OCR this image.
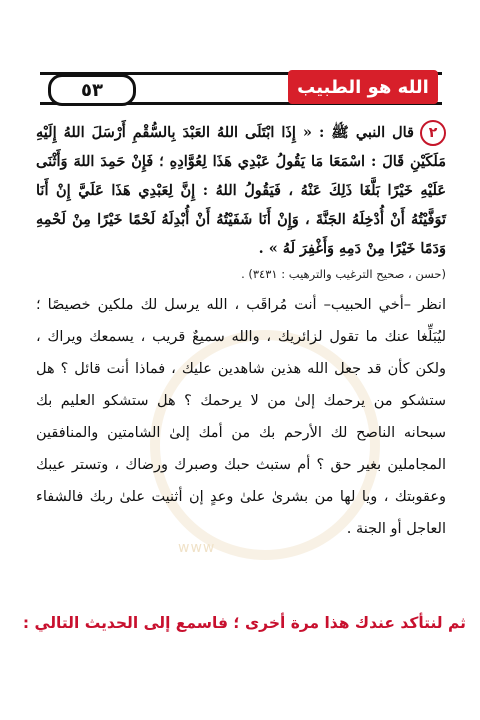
www
٥٣	الله هو الطبيب

٢قال النبي ﷺ : « إِذَا ابْتَلَى اللهُ العَبْدَ بِالسُّقْمِ أَرْسَلَ اللهُ إِلَيْهِ مَلَكَيْنِ قَالَ : اسْمَعَا مَا يَقُولُ عَبْدِي هَذَا لِعُوَّادِهِ ؛ فَإِنْ حَمِدَ اللهَ وَأَثْنَى عَلَيْهِ خَيْرًا بَلَّغَا ذَلِكَ عَنْهُ ، فَيَقُولُ اللهُ : إِنَّ لِعَبْدِي هَذَا عَلَيَّ إِنْ أَنَا تَوَفَّيْتُهُ أَنْ أُدْخِلَهُ الجَنَّةَ ، وَإِنْ أَنَا شَفَيْتُهُ أَنْ أُبْدِلَهُ لَحْمًا خَيْرًا مِنْ لَحْمِهِ وَدَمًا خَيْرًا مِنْ دَمِهِ وَأَغْفِرَ لَهُ » .

(حسن ، صحيح الترغيب والترهيب : ٣٤٣١) .

انظر –أخي الحبيب– أنت مُراقَب ، الله يرسل لك ملكين خصيصًا ؛ ليُبَلِّغا عنك ما تقول لزائريك ، والله سميعٌ قريب ، يسمعك ويراك ، ولكن كأن قد جعل الله هذين شاهدين عليك ، فماذا أنت قائل ؟ هل ستشكو من يرحمك إلىٰ من لا يرحمك ؟ هل ستشكو العليم بك سبحانه الناصح لك الأرحم بك من أمك إلىٰ الشامتين والمنافقين المجاملين بغير حق ؟ أم ستبث حبك وصبرك ورضاك ، وتستر عيبك وعقوبتك ، ويا لها من بشرىٰ علىٰ وعدٍ إن أثنيت علىٰ ربك فالشفاء العاجل أو الجنة .

ثم لنتأكد عندك هذا مرة أخرى ؛ فاسمع إلى الحديث التالي :
